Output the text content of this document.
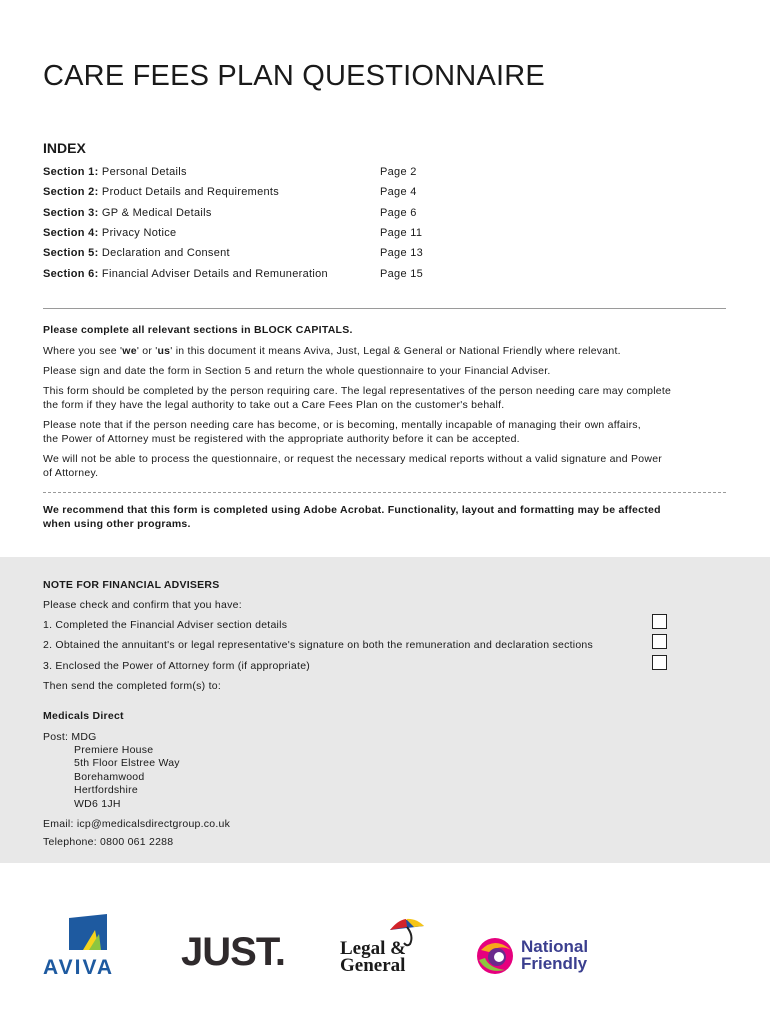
CARE FEES PLAN QUESTIONNAIRE
INDEX
Section 1: Personal Details	Page 2
Section 2: Product Details and Requirements	Page 4
Section 3: GP & Medical Details	Page 6
Section 4: Privacy Notice	Page 11
Section 5: Declaration and Consent	Page 13
Section 6: Financial Adviser Details and Remuneration	Page 15
Please complete all relevant sections in BLOCK CAPITALS.
Where you see 'we' or 'us' in this document it means Aviva, Just, Legal & General or National Friendly where relevant.
Please sign and date the form in Section 5 and return the whole questionnaire to your Financial Adviser.
This form should be completed by the person requiring care. The legal representatives of the person needing care may complete
the form if they have the legal authority to take out a Care Fees Plan on the customer's behalf.
Please note that if the person needing care has become, or is becoming, mentally incapable of managing their own affairs,
the Power of Attorney must be registered with the appropriate authority before it can be accepted.
We will not be able to process the questionnaire, or request the necessary medical reports without a valid signature and Power
of Attorney.
We recommend that this form is completed using Adobe Acrobat. Functionality, layout and formatting may be affected
when using other programs.
NOTE FOR FINANCIAL ADVISERS
Please check and confirm that you have:
1. Completed the Financial Adviser section details
2. Obtained the annuitant's or legal representative's signature on both the remuneration and declaration sections
3. Enclosed the Power of Attorney form (if appropriate)
Then send the completed form(s) to:
Medicals Direct
Post: MDG
Premiere House
5th Floor Elstree Way
Borehamwood
Hertfordshire
WD6 1JH
Email: icp@medicalsdirectgroup.co.uk
Telephone: 0800 061 2288
AVIVA JUST.	Legal &
General
National
Friendly
